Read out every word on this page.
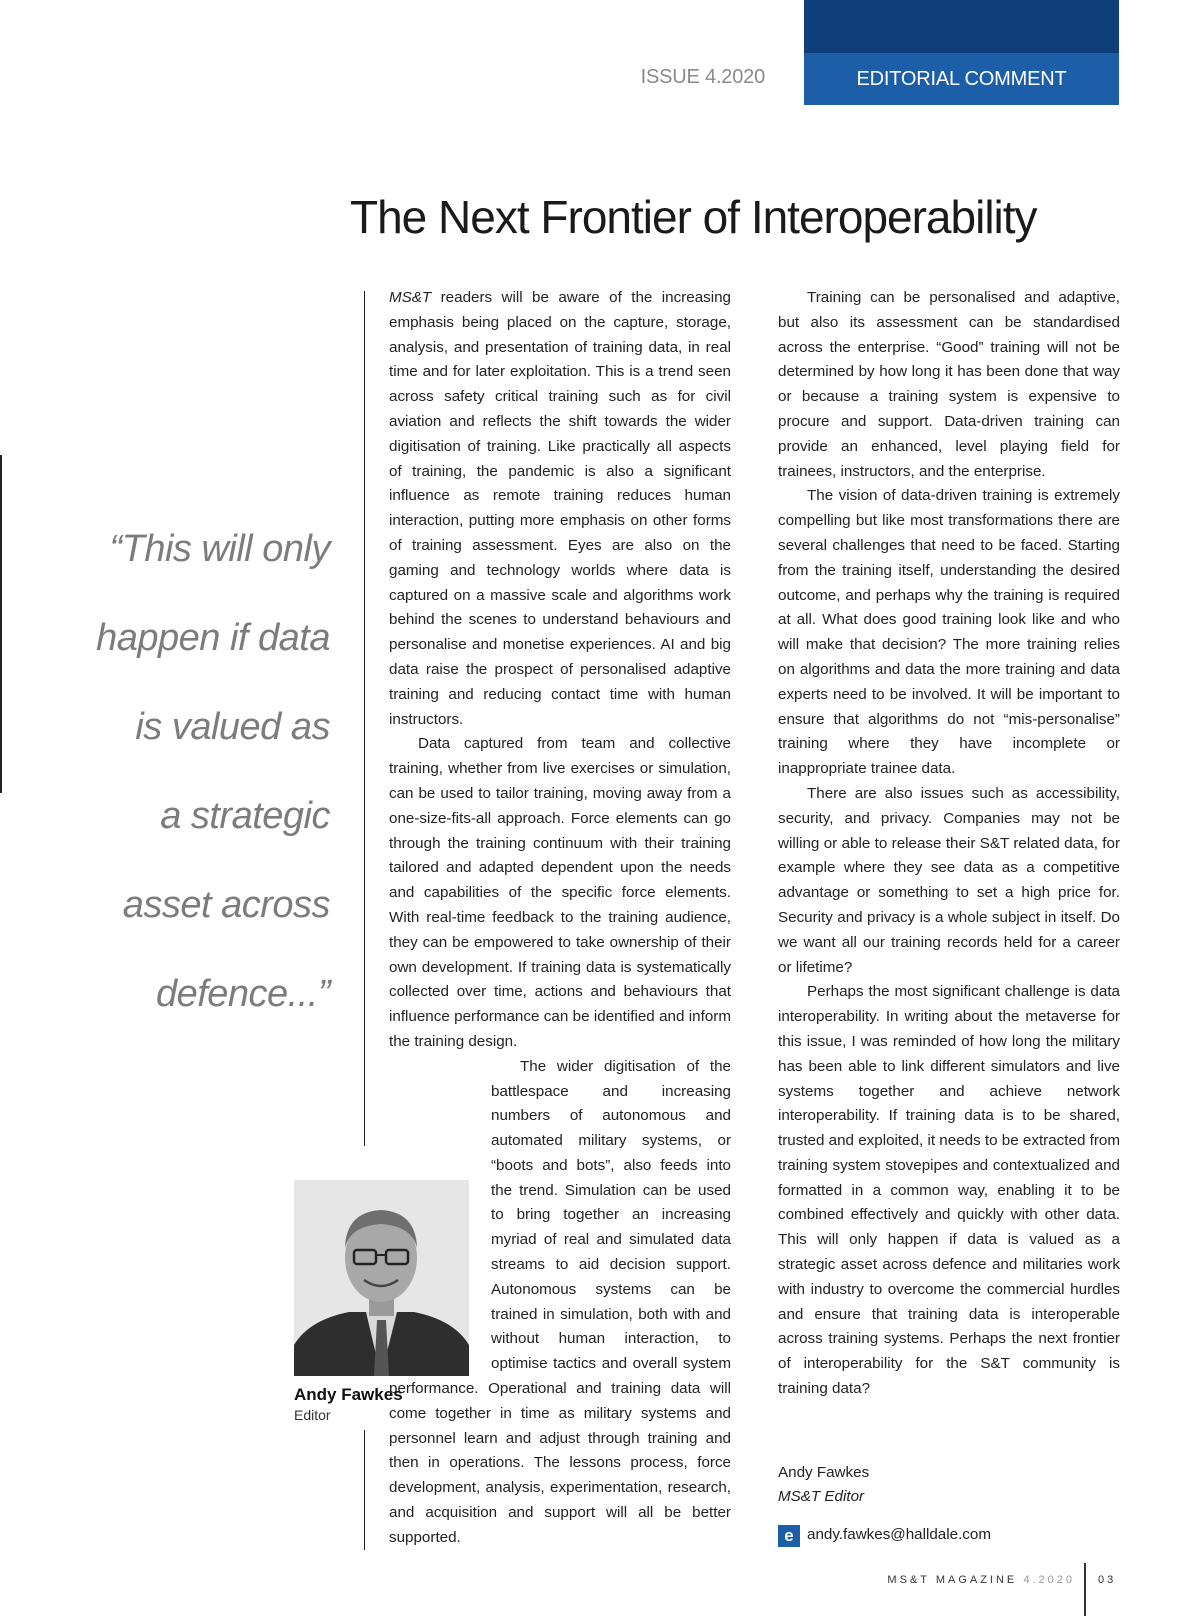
ISSUE 4.2020	EDITORIAL COMMENT
The Next Frontier of Interoperability
“This will only
happen if data
is valued as
a strategic
asset across
defence...”

MS&T readers will be aware of the increasing emphasis being placed on the capture, storage, analysis, and presentation of training data, in real time and for later exploitation. This is a trend seen across safety critical training such as for civil aviation and reflects the shift towards the wider digitisation of training. Like practically all aspects of training, the pandemic is also a significant influence as remote training reduces human interaction, putting more emphasis on other forms of training assessment. Eyes are also on the gaming and technology worlds where data is captured on a massive scale and algorithms work behind the scenes to understand behaviours and personalise and monetise experiences. AI and big data raise the prospect of personalised adaptive training and reducing contact time with human instructors.

Data captured from team and collective training, whether from live exercises or simulation, can be used to tailor training, moving away from a one-size-fits-all approach. Force elements can go through the training continuum with their training tailored and adapted dependent upon the needs and capabilities of the specific force elements. With real-time feedback to the training audience, they can be empowered to take ownership of their own development. If training data is systematically collected over time, actions and behaviours that influence performance can be identified and inform the training design.

The wider digitisation of the battlespace and increasing numbers of autonomous and automated military systems, or “boots and bots”, also feeds into the trend. Simulation can be used to bring together an increasing myriad of real and simulated data streams to aid decision support. Autonomous systems can be trained in simulation, both with and without human interaction, to optimise tactics and overall system performance. Operational and training data will come together in time as military systems and personnel learn and adjust through training and then in operations. The lessons process, force development, analysis, experimentation, research, and acquisition and support will all be better supported.

Training can be personalised and adaptive, but also its assessment can be standardised across the enterprise. “Good” training will not be determined by how long it has been done that way or because a training system is expensive to procure and support. Data-driven training can provide an enhanced, level playing field for trainees, instructors, and the enterprise.

The vision of data-driven training is extremely compelling but like most transformations there are several challenges that need to be faced. Starting from the training itself, understanding the desired outcome, and perhaps why the training is required at all. What does good training look like and who will make that decision? The more training relies on algorithms and data the more training and data experts need to be involved. It will be important to ensure that algorithms do not “mis-personalise” training where they have incomplete or inappropriate trainee data.

There are also issues such as accessibility, security, and privacy. Companies may not be willing or able to release their S&T related data, for example where they see data as a competitive advantage or something to set a high price for. Security and privacy is a whole subject in itself. Do we want all our training records held for a career or lifetime?

Perhaps the most significant challenge is data interoperability. In writing about the metaverse for this issue, I was reminded of how long the military has been able to link different simulators and live systems together and achieve network interoperability. If training data is to be shared, trusted and exploited, it needs to be extracted from training system stovepipes and contextualized and formatted in a common way, enabling it to be combined effectively and quickly with other data. This will only happen if data is valued as a strategic asset across defence and militaries work with industry to overcome the commercial hurdles and ensure that training data is interoperable across training systems. Perhaps the next frontier of interoperability for the S&T community is training data?

Andy Fawkes
Editor
Andy Fawkes
MS&T Editor
e andy.fawkes@halldale.com
MS&T MAGAZINE 4.2020 03
